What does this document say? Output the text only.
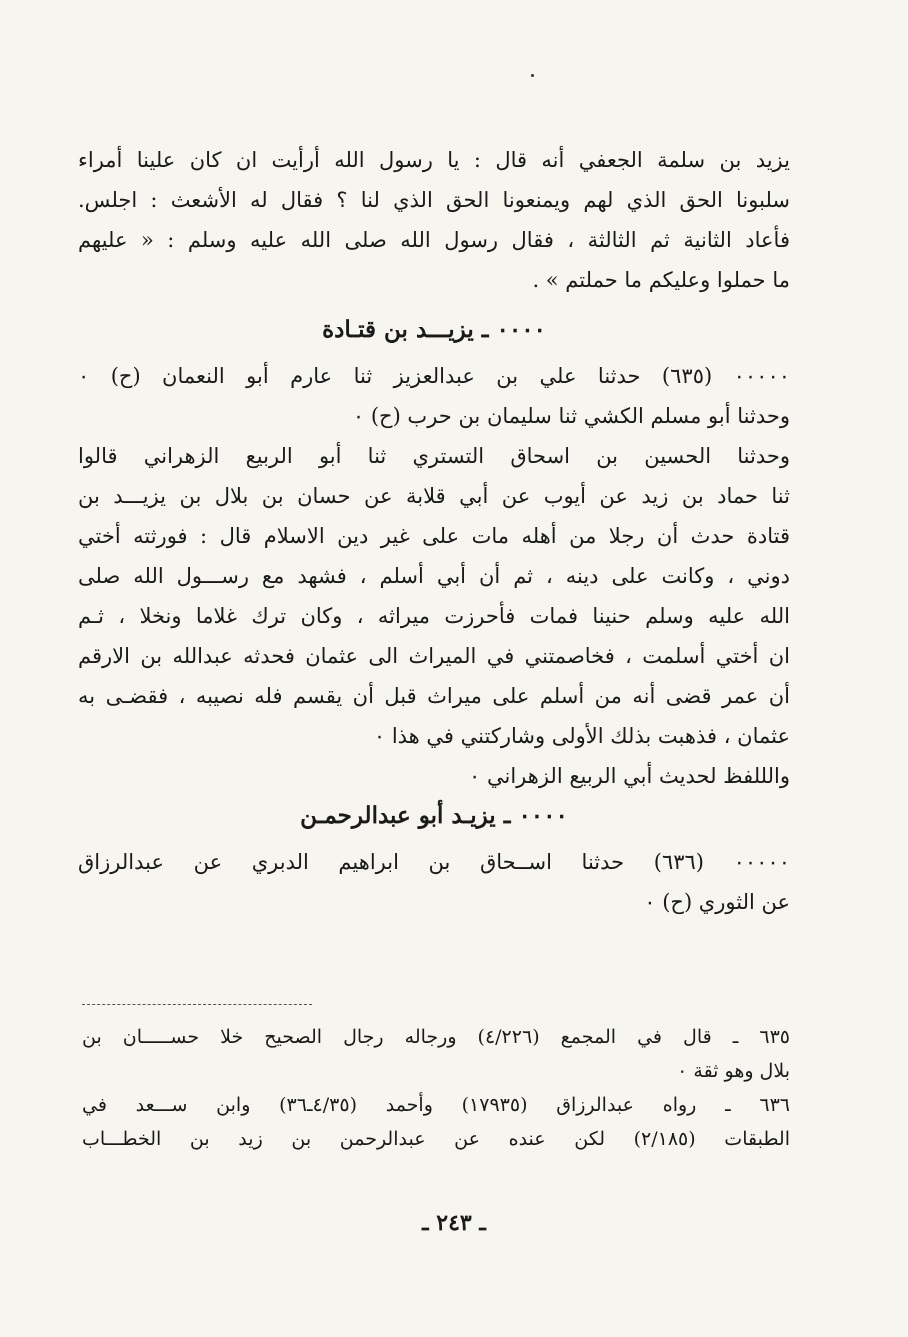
يزيد بن سلمة الجعفي أنه قال : يا رسول الله أرأيت ان كان علينا أمراء
سلبونا الحق الذي لهم ويمنعونا الحق الذي لنا ؟ فقال له الأشعث : اجلس.
فأعاد الثانية ثم الثالثة ، فقال رسول الله صلى الله عليه وسلم : « عليهم
ما حملوا وعليكم ما حملتم » .
٠٠٠٠ ـ يزيـــد بن قتـادة
٠٠٠٠٠ (٦٣٥) حدثنا علي بن عبدالعزيز ثنا عارم أبو النعمان (ح) ٠
وحدثنا أبو مسلم الكشي ثنا سليمان بن حرب (ح) ٠
وحدثنا الحسين بن اسحاق التستري ثنا أبو الربيع الزهراني قالوا
ثنا حماد بن زيد عن أيوب عن أبي قلابة عن حسان بن بلال بن يزيـــد بن
قتادة حدث أن رجلا من أهله مات على غير دين الاسلام قال : فورثته أختي
دوني ، وكانت على دينه ، ثم أن أبي أسلم ، فشهد مع رســـول الله صلى
الله عليه وسلم حنينا فمات فأحرزت ميراثه ، وكان ترك غلاما ونخلا ، ثـم
ان أختي أسلمت ، فخاصمتني في الميراث الى عثمان فحدثه عبدالله بن الارقم
أن عمر قضى أنه من أسلم على ميراث قبل أن يقسم فله نصيبه ، فقضـى به
عثمان ، فذهبت بذلك الأولى وشاركتني في هذا ٠
والللفظ لحديث أبي الربيع الزهراني ٠
٠٠٠٠ ـ يزيـد أبو عبدالرحمـن
٠٠٠٠٠ (٦٣٦) حدثنا اســحاق بن ابراهيم الدبري عن عبدالرزاق
عن الثوري (ح) ٠
٦٣٥ ـ قال في المجمع (٤/٢٢٦) ورجاله رجال الصحيح خلا حســـــان بن
بلال وهو ثقة ٠
٦٣٦ ـ رواه عبدالرزاق (١٧٩٣٥) وأحمد (٤/٣٥ـ٣٦) وابن ســـعد في
الطبقات (٢/١٨٥) لكن عنده عن عبدالرحمن بن زيد بن الخطـــاب
ـ ٢٤٣ ـ
